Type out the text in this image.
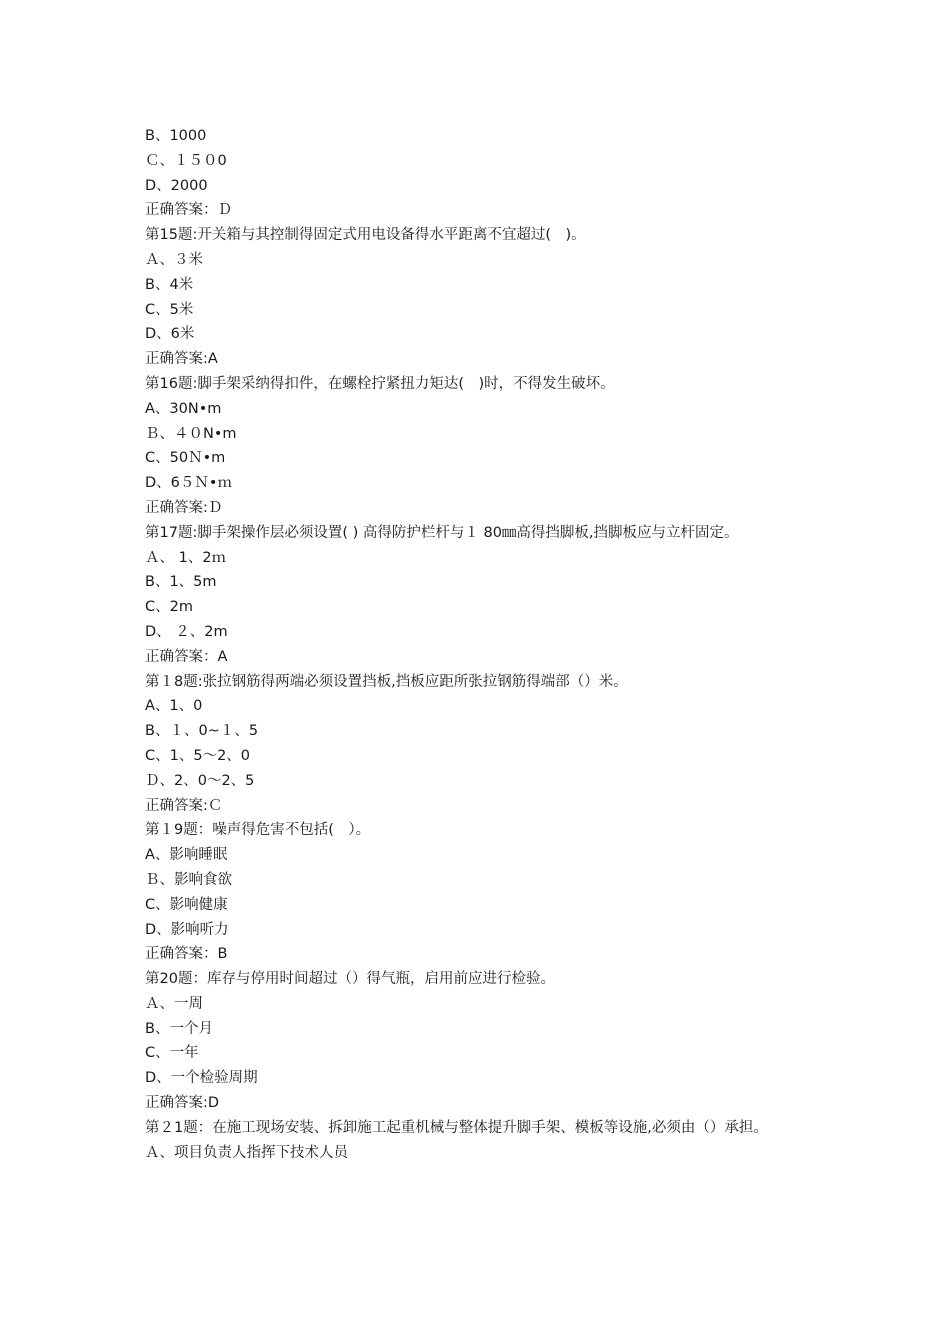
B、1000
Ｃ、１５０0
D、2000
正确答案：Ｄ
第15题:开关箱与其控制得固定式用电设备得水平距离不宜超过(　)。
Ａ、３米
B、4米
C、5米
D、6米
正确答案:A
第16题:脚手架采纳得扣件，在螺栓拧紧扭力矩达(　)时，不得发生破坏。
A、30N•m
Ｂ、４０N•m
C、50Ｎ•m
D、6５Ｎ•ｍ
正确答案:Ｄ
第17题:脚手架操作层必须设置( ) 高得防护栏杆与１ 80㎜高得挡脚板,挡脚板应与立杆固定。
Ａ、 1、2ｍ
B、1、5m
C、2m
D、 ２、2m
正确答案：A
第１8题:张拉钢筋得两端必须设置挡板,挡板应距所张拉钢筋得端部（）米。
A、1、0
B、１、0~１、5
C、1、5～2、0
Ｄ、2、0～2、5
正确答案:Ｃ
第１9题：噪声得危害不包括(　）。
A、影响睡眠
Ｂ、影响食欲
C、影响健康
D、影响听力
正确答案：B
第20题：库存与停用时间超过（）得气瓶，启用前应进行检验。
Ａ、一周
B、一个月
C、一年
D、一个检验周期
正确答案:D
第２1题：在施工现场安装、拆卸施工起重机械与整体提升脚手架、模板等设施,必须由（）承担。
Ａ、项目负责人指挥下技术人员
